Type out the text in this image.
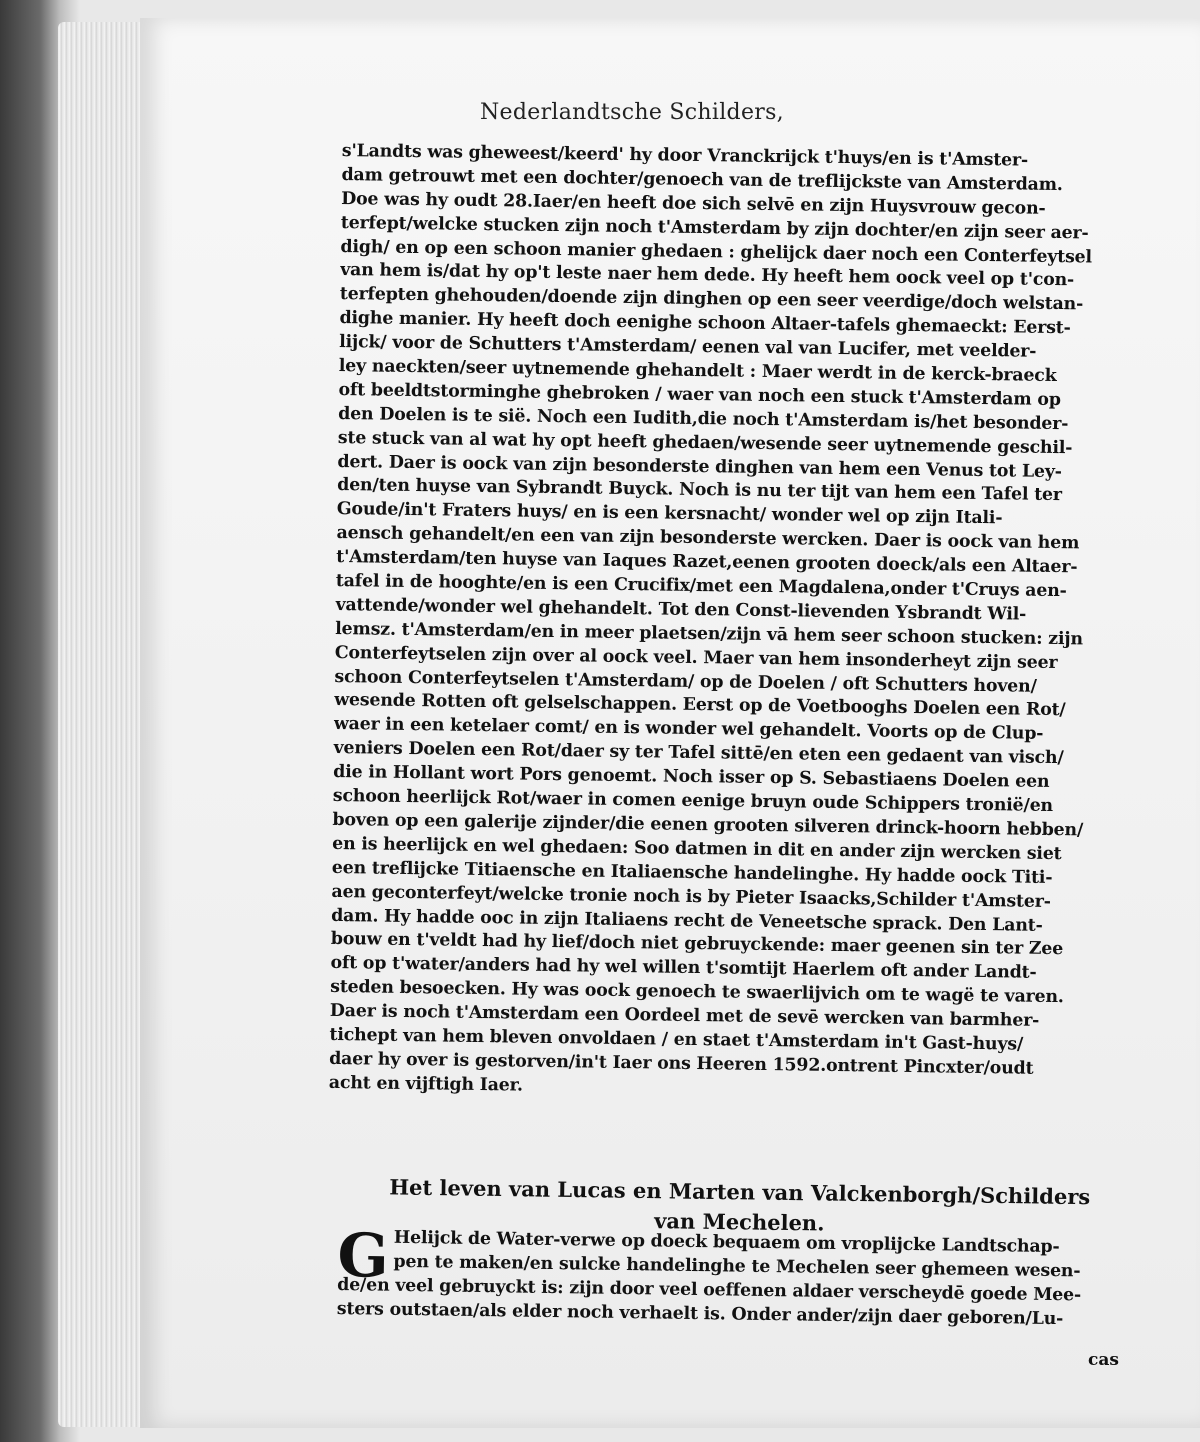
Nederlandtsche Schilders,
s'Landts was gheweest/keerd' hy door Vranckrijck t'huys/en is t'Amster-
dam getrouwt met een dochter/genoech van de treflijckste van Amsterdam.
Doe was hy oudt 28.Iaer/en heeft doe sich selvē en zijn Huysvrouw gecon-
terfept/welcke stucken zijn noch t'Amsterdam by zijn dochter/en zijn seer aer-
digh/ en op een schoon manier ghedaen : ghelijck daer noch een Conterfeytsel
van hem is/dat hy op't leste naer hem dede. Hy heeft hem oock veel op t'con-
terfepten ghehouden/doende zijn dinghen op een seer veerdige/doch welstan-
dighe manier. Hy heeft doch eenighe schoon Altaer-tafels ghemaeckt: Eerst-
lijck/ voor de Schutters t'Amsterdam/ eenen val van Lucifer, met veelder-
ley naeckten/seer uytnemende ghehandelt : Maer werdt in de kerck-braeck
oft beeldtstorminghe ghebroken / waer van noch een stuck t'Amsterdam op
den Doelen is te sië. Noch een Iudith,die noch t'Amsterdam is/het besonder-
ste stuck van al wat hy opt heeft ghedaen/wesende seer uytnemende geschil-
dert. Daer is oock van zijn besonderste dinghen van hem een Venus tot Ley-
den/ten huyse van Sybrandt Buyck. Noch is nu ter tijt van hem een Tafel ter
Goude/in't Fraters huys/ en is een kersnacht/ wonder wel op zijn Itali-
aensch gehandelt/en een van zijn besonderste wercken. Daer is oock van hem
t'Amsterdam/ten huyse van Iaques Razet,eenen grooten doeck/als een Altaer-
tafel in de hooghte/en is een Crucifix/met een Magdalena,onder t'Cruys aen-
vattende/wonder wel ghehandelt. Tot den Const-lievenden Ysbrandt Wil-
lemsz. t'Amsterdam/en in meer plaetsen/zijn vā hem seer schoon stucken: zijn
Conterfeytselen zijn over al oock veel. Maer van hem insonderheyt zijn seer
schoon Conterfeytselen t'Amsterdam/ op de Doelen / oft Schutters hoven/
wesende Rotten oft gelselschappen. Eerst op de Voetbooghs Doelen een Rot/
waer in een ketelaer comt/ en is wonder wel gehandelt. Voorts op de Clup-
veniers Doelen een Rot/daer sy ter Tafel sittē/en eten een gedaent van visch/
die in Hollant wort Pors genoemt. Noch isser op S. Sebastiaens Doelen een
schoon heerlijck Rot/waer in comen eenige bruyn oude Schippers tronië/en
boven op een galerije zijnder/die eenen grooten silveren drinck-hoorn hebben/
en is heerlijck en wel ghedaen: Soo datmen in dit en ander zijn wercken siet
een treflijcke Titiaensche en Italiaensche handelinghe. Hy hadde oock Titi-
aen geconterfeyt/welcke tronie noch is by Pieter Isaacks,Schilder t'Amster-
dam. Hy hadde ooc in zijn Italiaens recht de Veneetsche sprack. Den Lant-
bouw en t'veldt had hy lief/doch niet gebruyckende: maer geenen sin ter Zee
oft op t'water/anders had hy wel willen t'somtijt Haerlem oft ander Landt-
steden besoecken. Hy was oock genoech te swaerlijvich om te wagë te varen.
Daer is noch t'Amsterdam een Oordeel met de sevē wercken van barmher-
tichept van hem bleven onvoldaen / en staet t'Amsterdam in't Gast-huys/
daer hy over is gestorven/in't Iaer ons Heeren 1592.ontrent Pincxter/oudt
acht en vijftigh Iaer.
Het leven van Lucas en Marten van Valckenborgh/Schilders
van Mechelen.
G Helijck de Water-verwe op doeck bequaem om vroplijcke Landtschap-
pen te maken/en sulcke handelinghe te Mechelen seer ghemeen wesen-
de/en veel gebruyckt is: zijn door veel oeffenen aldaer verscheydē goede Mee-
sters outstaen/als elder noch verhaelt is. Onder ander/zijn daer geboren/Lu-
cas
